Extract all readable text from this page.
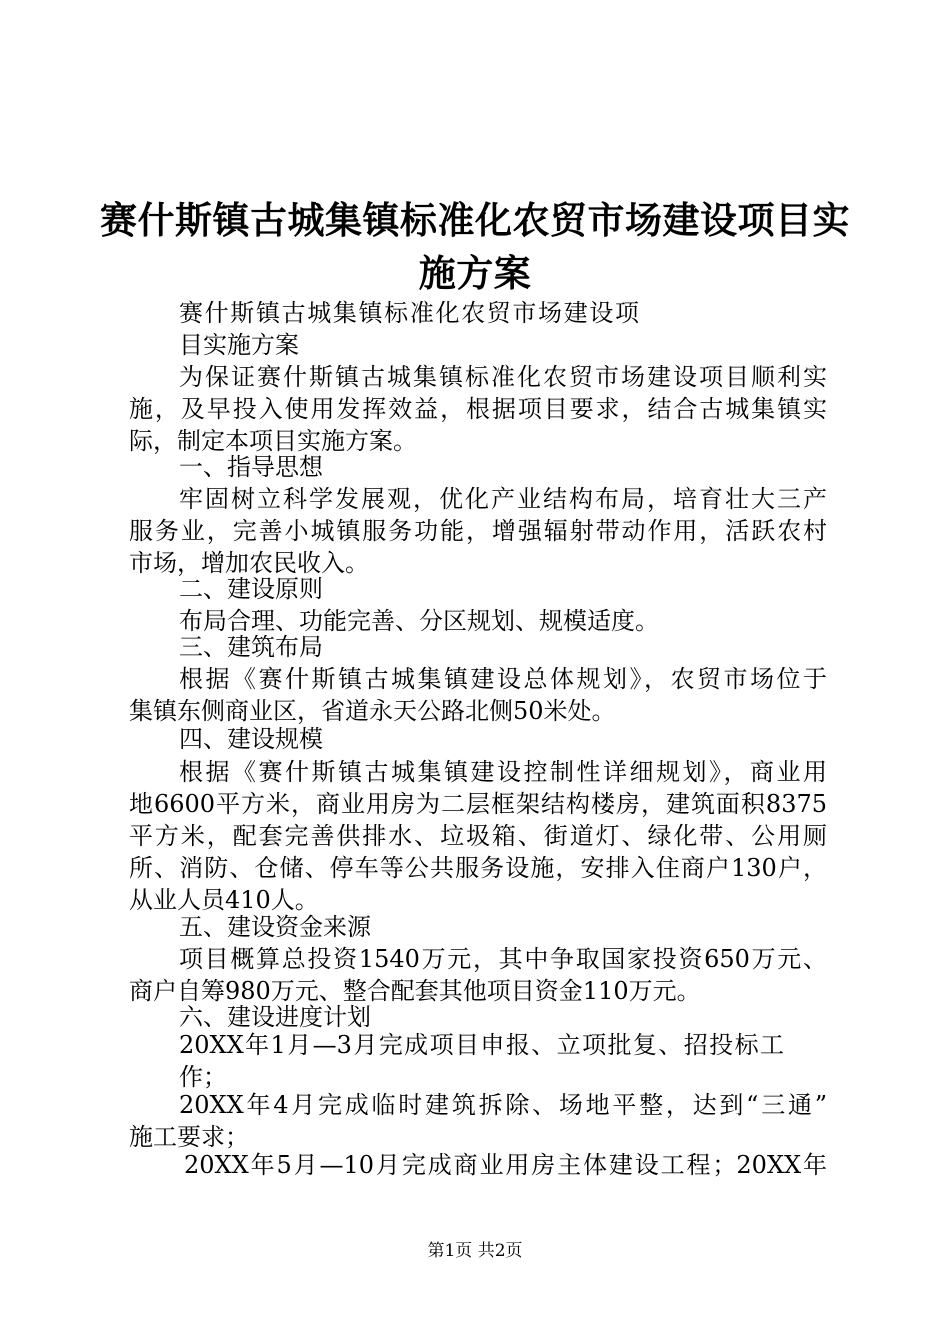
赛什斯镇古城集镇标准化农贸市场建设项目实
施方案
赛什斯镇古城集镇标准化农贸市场建设项
目实施方案
为保证赛什斯镇古城集镇标准化农贸市场建设项目顺利实
施，及早投入使用发挥效益，根据项目要求，结合古城集镇实
际，制定本项目实施方案。
一、指导思想
牢固树立科学发展观，优化产业结构布局，培育壮大三产
服务业，完善小城镇服务功能，增强辐射带动作用，活跃农村
市场，增加农民收入。
二、建设原则
布局合理、功能完善、分区规划、规模适度。
三、建筑布局
根据《赛什斯镇古城集镇建设总体规划》，农贸市场位于
集镇东侧商业区，省道永天公路北侧50米处。
四、建设规模
根据《赛什斯镇古城集镇建设控制性详细规划》，商业用
地6600平方米，商业用房为二层框架结构楼房，建筑面积8375
平方米，配套完善供排水、垃圾箱、街道灯、绿化带、公用厕
所、消防、仓储、停车等公共服务设施，安排入住商户130户，
从业人员410人。
五、建设资金来源
项目概算总投资1540万元，其中争取国家投资650万元、
商户自筹980万元、整合配套其他项目资金110万元。
六、建设进度计划
20XX年1月—3月完成项目申报、立项批复、招投标工
作；
20XX年4月完成临时建筑拆除、场地平整，达到“三通”
施工要求；
20XX年5月—10月完成商业用房主体建设工程；20XX年
第1页 共2页
